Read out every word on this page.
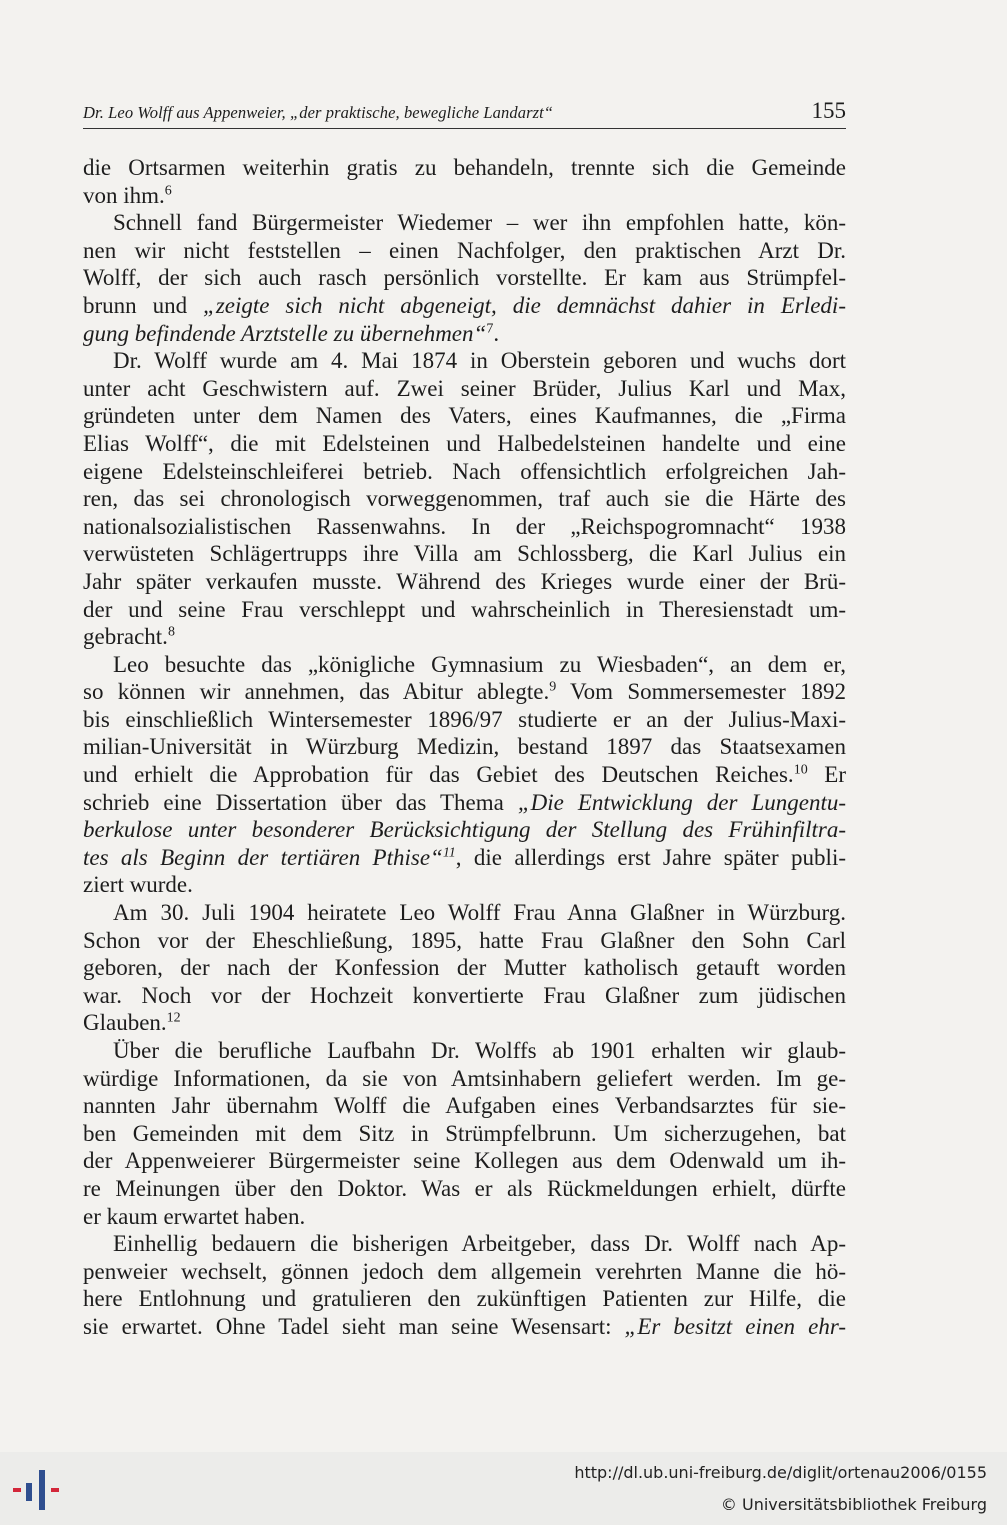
Dr. Leo Wolff aus Appenweier, „der praktische, bewegliche Landarzt“	155
die Ortsarmen weiterhin gratis zu behandeln, trennte sich die Gemeinde
von ihm.$^6$
Schnell fand Bürgermeister Wiedemer – wer ihn empfohlen hatte, kön-
nen wir nicht feststellen – einen Nachfolger, den praktischen Arzt Dr.
Wolff, der sich auch rasch persönlich vorstellte. Er kam aus Strümpfel-
brunn und „zeigte sich nicht abgeneigt, die demnächst dahier in Erledi-
gung befindende Arztstelle zu übernehmen“$^7$.
Dr. Wolff wurde am 4. Mai 1874 in Oberstein geboren und wuchs dort
unter acht Geschwistern auf. Zwei seiner Brüder, Julius Karl und Max,
gründeten unter dem Namen des Vaters, eines Kaufmannes, die „Firma
Elias Wolff“, die mit Edelsteinen und Halbedelsteinen handelte und eine
eigene Edelsteinschleiferei betrieb. Nach offensichtlich erfolgreichen Jah-
ren, das sei chronologisch vorweggenommen, traf auch sie die Härte des
nationalsozialistischen Rassenwahns. In der „Reichspogromnacht“ 1938
verwüsteten Schlägertrupps ihre Villa am Schlossberg, die Karl Julius ein
Jahr später verkaufen musste. Während des Krieges wurde einer der Brü-
der und seine Frau verschleppt und wahrscheinlich in Theresienstadt um-
gebracht.$^8$
Leo besuchte das „königliche Gymnasium zu Wiesbaden“, an dem er,
so können wir annehmen, das Abitur ablegte.$^9$ Vom Sommersemester 1892
bis einschließlich Wintersemester 1896/97 studierte er an der Julius-Maxi-
milian-Universität in Würzburg Medizin, bestand 1897 das Staatsexamen
und erhielt die Approbation für das Gebiet des Deutschen Reiches.$^{10}$ Er
schrieb eine Dissertation über das Thema „Die Entwicklung der Lungentu-
berkulose unter besonderer Berücksichtigung der Stellung des Frühinfiltra-
tes als Beginn der tertiären Pthise“$^{11}$, die allerdings erst Jahre später publi-
ziert wurde.
Am 30. Juli 1904 heiratete Leo Wolff Frau Anna Glaßner in Würzburg.
Schon vor der Eheschließung, 1895, hatte Frau Glaßner den Sohn Carl
geboren, der nach der Konfession der Mutter katholisch getauft worden
war. Noch vor der Hochzeit konvertierte Frau Glaßner zum jüdischen
Glauben.$^{12}$
Über die berufliche Laufbahn Dr. Wolffs ab 1901 erhalten wir glaub-
würdige Informationen, da sie von Amtsinhabern geliefert werden. Im ge-
nannten Jahr übernahm Wolff die Aufgaben eines Verbandsarztes für sie-
ben Gemeinden mit dem Sitz in Strümpfelbrunn. Um sicherzugehen, bat
der Appenweierer Bürgermeister seine Kollegen aus dem Odenwald um ih-
re Meinungen über den Doktor. Was er als Rückmeldungen erhielt, dürfte
er kaum erwartet haben.
Einhellig bedauern die bisherigen Arbeitgeber, dass Dr. Wolff nach Ap-
penweier wechselt, gönnen jedoch dem allgemein verehrten Manne die hö-
here Entlohnung und gratulieren den zukünftigen Patienten zur Hilfe, die
sie erwartet. Ohne Tadel sieht man seine Wesensart: „Er besitzt einen ehr-
http://dl.ub.uni-freiburg.de/diglit/ortenau2006/0155
© Universitätsbibliothek Freiburg
